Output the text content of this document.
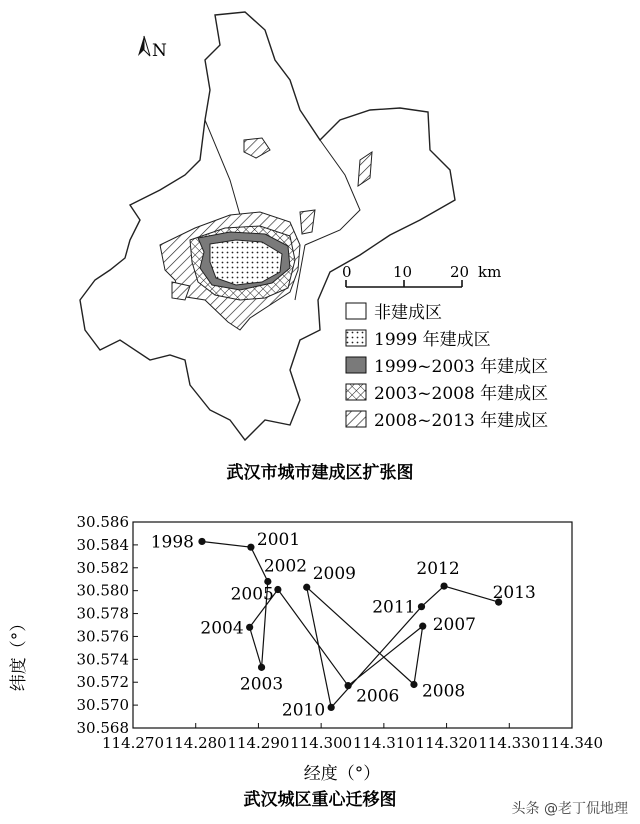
N
0	10	20 km
非建成区
1999 年建成区
1999~2003 年建成区
2003~2008 年建成区
2008~2013 年建成区
武汉市城市建成区扩张图
30.568
30.570
30.572
30.574
30.576
30.578
30.580
30.582
30.584
30.586
114.270 114.280 114.290 114.300 114.310 114.320 114.330 114.340
1998	2001
2002
2003
2004
2005
2006
2007
2008
2009
2010
2011
2012
2013
经度（°）
纬度（°）
武汉城区重心迁移图	头条 @老丁侃地理
